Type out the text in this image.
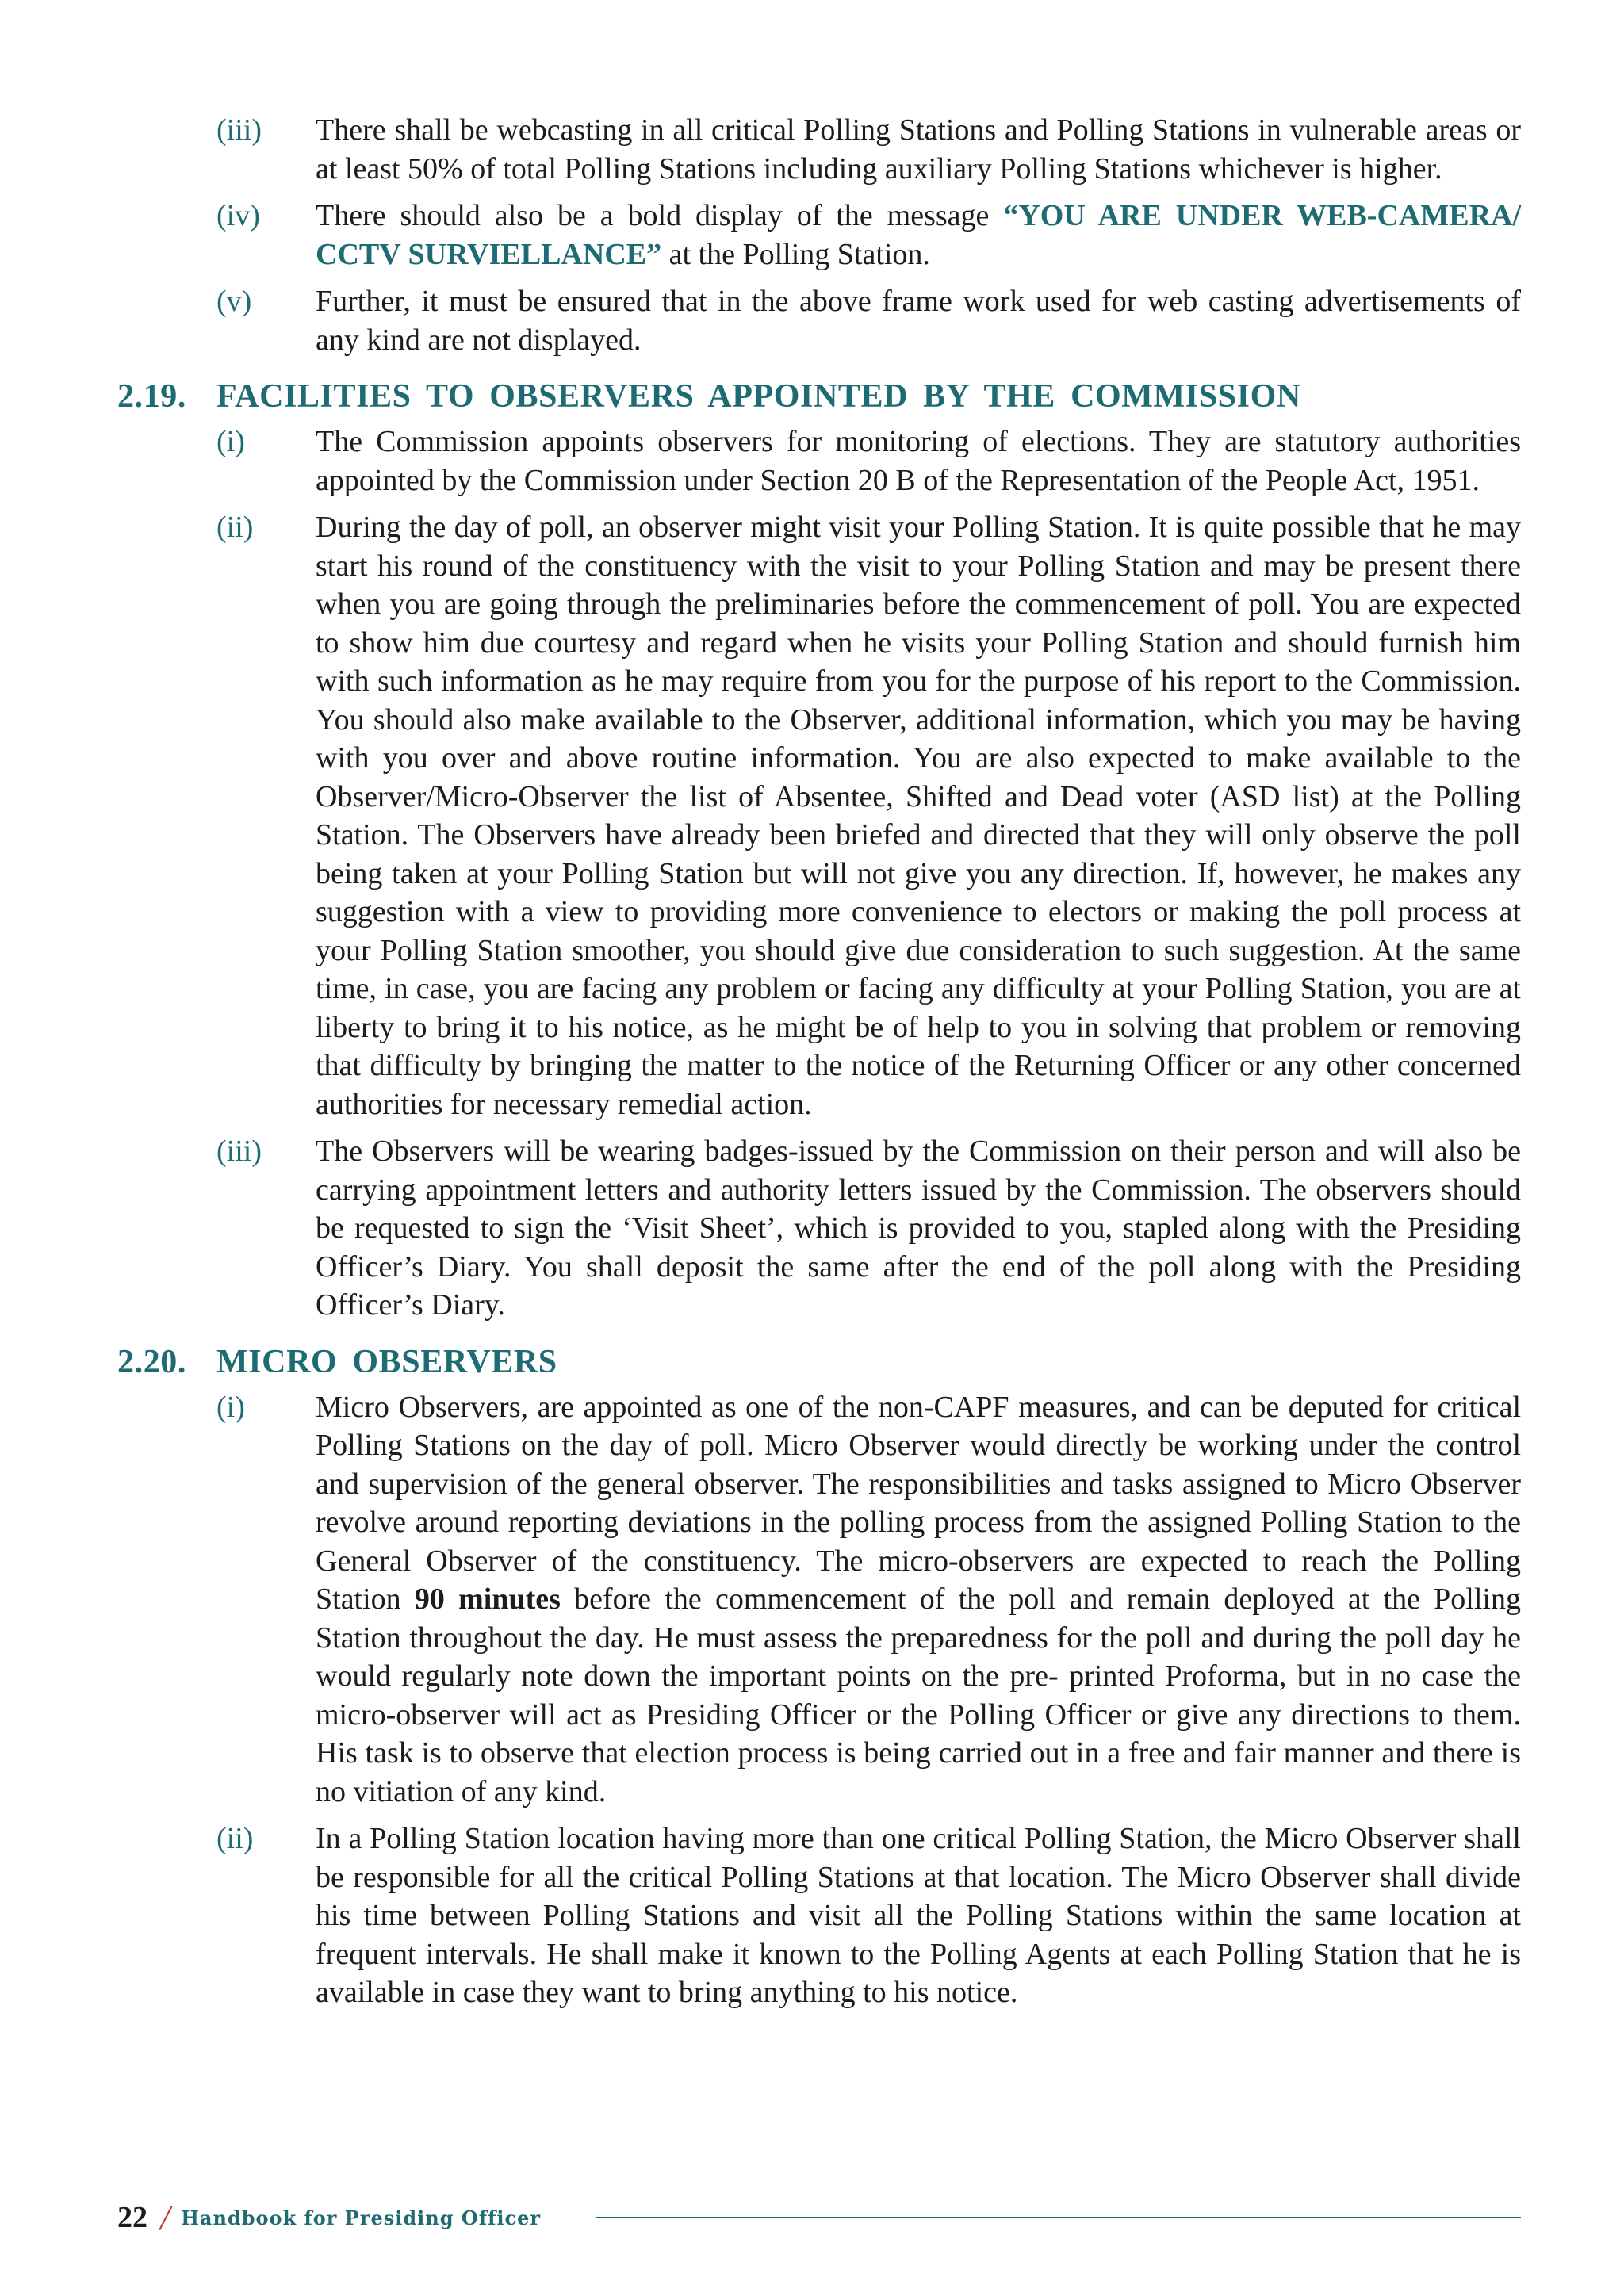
(iii)	There shall be webcasting in all critical Polling Stations and Polling Stations in vulnerable areas or at least 50% of total Polling Stations including auxiliary Polling Stations whichever is higher.
(iv)	There should also be a bold display of the message “YOU ARE UNDER WEB-CAMERA/ CCTV SURVIELLANCE” at the Polling Station.
(v)	Further, it must be ensured that in the above frame work used for web casting advertisements of any kind are not displayed.
2.19. FACILITIES TO OBSERVERS APPOINTED BY THE COMMISSION
(i)	The Commission appoints observers for monitoring of elections. They are statutory authorities appointed by the Commission under Section 20 B of the Representation of the People Act, 1951.
(ii)	During the day of poll, an observer might visit your Polling Station. It is quite possible that he may start his round of the constituency with the visit to your Polling Station and may be present there when you are going through the preliminaries before the commencement of poll. You are expected to show him due courtesy and regard when he visits your Polling Station and should furnish him with such information as he may require from you for the purpose of his report to the Commission. You should also make available to the Observer, additional information, which you may be having with you over and above routine information. You are also expected to make available to the Observer/Micro-Observer the list of Absentee, Shifted and Dead voter (ASD list) at the Polling Station. The Observers have already been briefed and directed that they will only observe the poll being taken at your Polling Station but will not give you any direction. If, however, he makes any suggestion with a view to providing more convenience to electors or making the poll process at your Polling Station smoother, you should give due consideration to such suggestion. At the same time, in case, you are facing any problem or facing any difficulty at your Polling Station, you are at liberty to bring it to his notice, as he might be of help to you in solving that problem or removing that difficulty by bringing the matter to the notice of the Returning Officer or any other concerned authorities for necessary remedial action.
(iii)	The Observers will be wearing badges-issued by the Commission on their person and will also be carrying appointment letters and authority letters issued by the Commission. The observers should be requested to sign the ‘Visit Sheet’, which is provided to you, stapled along with the Presiding Officer’s Diary. You shall deposit the same after the end of the poll along with the Presiding Officer’s Diary.
2.20. MICRO OBSERVERS
(i)	Micro Observers, are appointed as one of the non-CAPF measures, and can be deputed for critical Polling Stations on the day of poll. Micro Observer would directly be working under the control and supervision of the general observer. The responsibilities and tasks assigned to Micro Observer revolve around reporting deviations in the polling process from the assigned Polling Station to the General Observer of the constituency. The micro-observers are expected to reach the Polling Station 90 minutes before the commencement of the poll and remain deployed at the Polling Station throughout the day. He must assess the preparedness for the poll and during the poll day he would regularly note down the important points on the pre- printed Proforma, but in no case the micro-observer will act as Presiding Officer or the Polling Officer or give any directions to them. His task is to observe that election process is being carried out in a free and fair manner and there is no vitiation of any kind.
(ii)	In a Polling Station location having more than one critical Polling Station, the Micro Observer shall be responsible for all the critical Polling Stations at that location. The Micro Observer shall divide his time between Polling Stations and visit all the Polling Stations within the same location at frequent intervals. He shall make it known to the Polling Agents at each Polling Station that he is available in case they want to bring anything to his notice.
22 / Handbook for Presiding Officer
